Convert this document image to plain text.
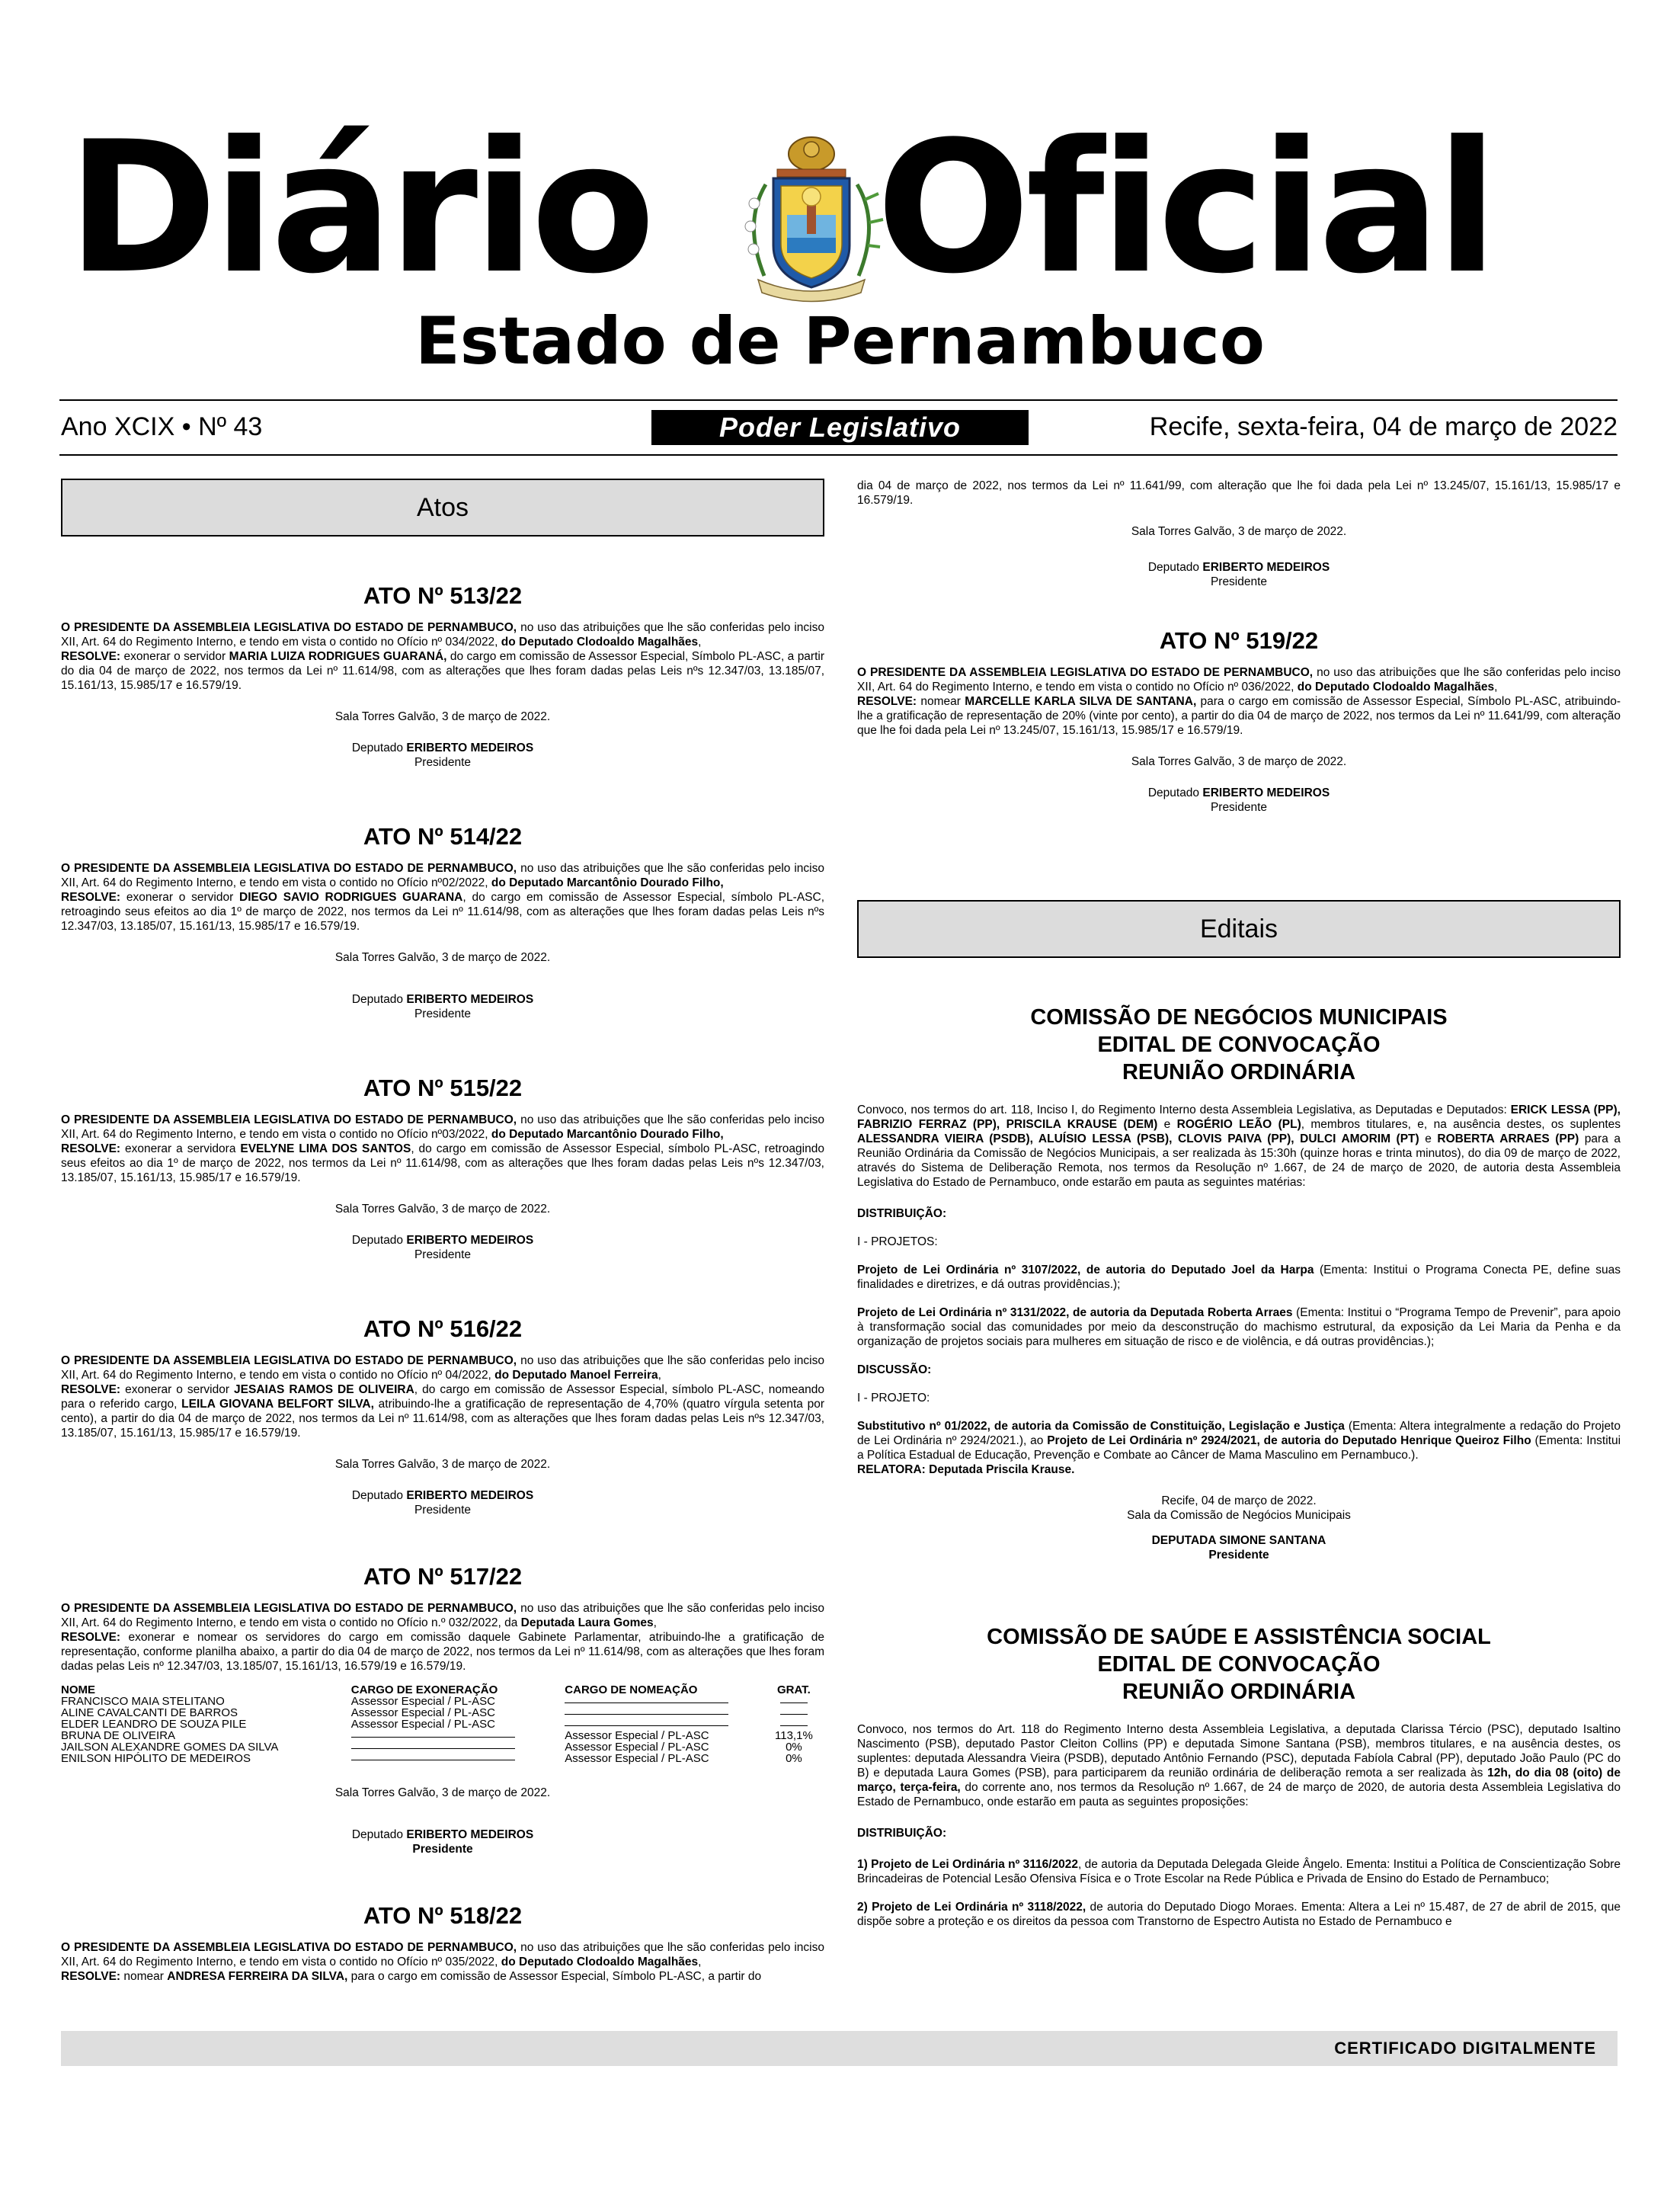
Diário Oficial
Estado de Pernambuco
Ano XCIX • Nº 43	Poder Legislativo	Recife, sexta-feira, 04 de março de 2022
Atos
ATO Nº 513/22

O PRESIDENTE DA ASSEMBLEIA LEGISLATIVA DO ESTADO DE PERNAMBUCO, no uso das atribuições que lhe são conferidas pelo inciso XII, Art. 64 do Regimento Interno, e tendo em vista o contido no Ofício nº 034/2022, do Deputado Clodoaldo Magalhães,
RESOLVE: exonerar o servidor MARIA LUIZA RODRIGUES GUARANÁ, do cargo em comissão de Assessor Especial, Símbolo PL-ASC, a partir do dia 04 de março de 2022, nos termos da Lei nº 11.614/98, com as alterações que lhes foram dadas pelas Leis nºs 12.347/03, 13.185/07, 15.161/13, 15.985/17 e 16.579/19.

Sala Torres Galvão, 3 de março de 2022.

Deputado ERIBERTO MEDEIROS
Presidente

ATO Nº 514/22

O PRESIDENTE DA ASSEMBLEIA LEGISLATIVA DO ESTADO DE PERNAMBUCO, no uso das atribuições que lhe são conferidas pelo inciso XII, Art. 64 do Regimento Interno, e tendo em vista o contido no Ofício nº02/2022, do Deputado Marcantônio Dourado Filho,
RESOLVE: exonerar o servidor DIEGO SAVIO RODRIGUES GUARANA, do cargo em comissão de Assessor Especial, símbolo PL-ASC, retroagindo seus efeitos ao dia 1º de março de 2022, nos termos da Lei nº 11.614/98, com as alterações que lhes foram dadas pelas Leis nºs 12.347/03, 13.185/07, 15.161/13, 15.985/17 e 16.579/19.

Sala Torres Galvão, 3 de março de 2022.

Deputado ERIBERTO MEDEIROS
Presidente

ATO Nº 515/22

O PRESIDENTE DA ASSEMBLEIA LEGISLATIVA DO ESTADO DE PERNAMBUCO, no uso das atribuições que lhe são conferidas pelo inciso XII, Art. 64 do Regimento Interno, e tendo em vista o contido no Ofício nº03/2022, do Deputado Marcantônio Dourado Filho,
RESOLVE: exonerar a servidora EVELYNE LIMA DOS SANTOS, do cargo em comissão de Assessor Especial, símbolo PL-ASC, retroagindo seus efeitos ao dia 1º de março de 2022, nos termos da Lei nº 11.614/98, com as alterações que lhes foram dadas pelas Leis nºs 12.347/03, 13.185/07, 15.161/13, 15.985/17 e 16.579/19.

Sala Torres Galvão, 3 de março de 2022.

Deputado ERIBERTO MEDEIROS
Presidente

ATO Nº 516/22

O PRESIDENTE DA ASSEMBLEIA LEGISLATIVA DO ESTADO DE PERNAMBUCO, no uso das atribuições que lhe são conferidas pelo inciso XII, Art. 64 do Regimento Interno, e tendo em vista o contido no Ofício nº 04/2022, do Deputado Manoel Ferreira,
RESOLVE: exonerar o servidor JESAIAS RAMOS DE OLIVEIRA, do cargo em comissão de Assessor Especial, símbolo PL-ASC, nomeando para o referido cargo, LEILA GIOVANA BELFORT SILVA, atribuindo-lhe a gratificação de representação de 4,70% (quatro vírgula setenta por cento), a partir do dia 04 de março de 2022, nos termos da Lei nº 11.614/98, com as alterações que lhes foram dadas pelas Leis nºs 12.347/03, 13.185/07, 15.161/13, 15.985/17 e 16.579/19.

Sala Torres Galvão, 3 de março de 2022.

Deputado ERIBERTO MEDEIROS
Presidente

ATO Nº 517/22

O PRESIDENTE DA ASSEMBLEIA LEGISLATIVA DO ESTADO DE PERNAMBUCO, no uso das atribuições que lhe são conferidas pelo inciso XII, Art. 64 do Regimento Interno, e tendo em vista o contido no Ofício n.º 032/2022, da Deputada Laura Gomes,
RESOLVE: exonerar e nomear os servidores do cargo em comissão daquele Gabinete Parlamentar, atribuindo-lhe a gratificação de representação, conforme planilha abaixo, a partir do dia 04 de março de 2022, nos termos da Lei nº 11.614/98, com as alterações que lhes foram dadas pelas Leis nº 12.347/03, 13.185/07, 15.161/13, 16.579/19 e 16.579/19.

NOME	CARGO DE EXONERAÇÃO	CARGO DE NOMEAÇÃO	GRAT.
FRANCISCO MAIA STELITANO	Assessor Especial / PL-ASC		
ALINE CAVALCANTI DE BARROS	Assessor Especial / PL-ASC		
ELDER LEANDRO DE SOUZA PILE	Assessor Especial / PL-ASC		
BRUNA DE OLIVEIRA		Assessor Especial / PL-ASC	113,1%
JAILSON ALEXANDRE GOMES DA SILVA		Assessor Especial / PL-ASC	0%
ENILSON HIPÓLITO DE MEDEIROS		Assessor Especial / PL-ASC	0%

Sala Torres Galvão, 3 de março de 2022.

Deputado ERIBERTO MEDEIROS
Presidente

ATO Nº 518/22

O PRESIDENTE DA ASSEMBLEIA LEGISLATIVA DO ESTADO DE PERNAMBUCO, no uso das atribuições que lhe são conferidas pelo inciso XII, Art. 64 do Regimento Interno, e tendo em vista o contido no Ofício nº 035/2022, do Deputado Clodoaldo Magalhães,
RESOLVE: nomear ANDRESA FERREIRA DA SILVA, para o cargo em comissão de Assessor Especial, Símbolo PL-ASC, a partir do

dia 04 de março de 2022, nos termos da Lei nº 11.641/99, com alteração que lhe foi dada pela Lei nº 13.245/07, 15.161/13, 15.985/17 e 16.579/19.

Sala Torres Galvão, 3 de março de 2022.

Deputado ERIBERTO MEDEIROS
Presidente

ATO Nº 519/22

O PRESIDENTE DA ASSEMBLEIA LEGISLATIVA DO ESTADO DE PERNAMBUCO, no uso das atribuições que lhe são conferidas pelo inciso XII, Art. 64 do Regimento Interno, e tendo em vista o contido no Ofício nº 036/2022, do Deputado Clodoaldo Magalhães,
RESOLVE: nomear MARCELLE KARLA SILVA DE SANTANA, para o cargo em comissão de Assessor Especial, Símbolo PL-ASC, atribuindo-lhe a gratificação de representação de 20% (vinte por cento), a partir do dia 04 de março de 2022, nos termos da Lei nº 11.641/99, com alteração que lhe foi dada pela Lei nº 13.245/07, 15.161/13, 15.985/17 e 16.579/19.

Sala Torres Galvão, 3 de março de 2022.

Deputado ERIBERTO MEDEIROS
Presidente

Editais
COMISSÃO DE NEGÓCIOS MUNICIPAIS
EDITAL DE CONVOCAÇÃO
REUNIÃO ORDINÁRIA

Convoco, nos termos do art. 118, Inciso I, do Regimento Interno desta Assembleia Legislativa, as Deputadas e Deputados: ERICK LESSA (PP), FABRIZIO FERRAZ (PP), PRISCILA KRAUSE (DEM) e ROGÉRIO LEÃO (PL), membros titulares, e, na ausência destes, os suplentes ALESSANDRA VIEIRA (PSDB), ALUÍSIO LESSA (PSB), CLOVIS PAIVA (PP), DULCI AMORIM (PT) e ROBERTA ARRAES (PP) para a Reunião Ordinária da Comissão de Negócios Municipais, a ser realizada às 15:30h (quinze horas e trinta minutos), do dia 09 de março de 2022, através do Sistema de Deliberação Remota, nos termos da Resolução nº 1.667, de 24 de março de 2020, de autoria desta Assembleia Legislativa do Estado de Pernambuco, onde estarão em pauta as seguintes matérias:

DISTRIBUIÇÃO:

I - PROJETOS:

Projeto de Lei Ordinária nº 3107/2022, de autoria do Deputado Joel da Harpa (Ementa: Institui o Programa Conecta PE, define suas finalidades e diretrizes, e dá outras providências.);

Projeto de Lei Ordinária nº 3131/2022, de autoria da Deputada Roberta Arraes (Ementa: Institui o “Programa Tempo de Prevenir”, para apoio à transformação social das comunidades por meio da desconstrução do machismo estrutural, da exposição da Lei Maria da Penha e da organização de projetos sociais para mulheres em situação de risco e de violência, e dá outras providências.);

DISCUSSÃO:

I - PROJETO:

Substitutivo nº 01/2022, de autoria da Comissão de Constituição, Legislação e Justiça (Ementa: Altera integralmente a redação do Projeto de Lei Ordinária nº 2924/2021.), ao Projeto de Lei Ordinária nº 2924/2021, de autoria do Deputado Henrique Queiroz Filho (Ementa: Institui a Política Estadual de Educação, Prevenção e Combate ao Câncer de Mama Masculino em Pernambuco.).
RELATORA: Deputada Priscila Krause.

Recife, 04 de março de 2022.
Sala da Comissão de Negócios Municipais

DEPUTADA SIMONE SANTANA
Presidente

COMISSÃO DE SAÚDE E ASSISTÊNCIA SOCIAL
EDITAL DE CONVOCAÇÃO
REUNIÃO ORDINÁRIA

Convoco, nos termos do Art. 118 do Regimento Interno desta Assembleia Legislativa, a deputada Clarissa Tércio (PSC), deputado Isaltino Nascimento (PSB), deputado Pastor Cleiton Collins (PP) e deputada Simone Santana (PSB), membros titulares, e na ausência destes, os suplentes: deputada Alessandra Vieira (PSDB), deputado Antônio Fernando (PSC), deputada Fabíola Cabral (PP), deputado João Paulo (PC do B) e deputada Laura Gomes (PSB), para participarem da reunião ordinária de deliberação remota a ser realizada às 12h, do dia 08 (oito) de março, terça-feira, do corrente ano, nos termos da Resolução nº 1.667, de 24 de março de 2020, de autoria desta Assembleia Legislativa do Estado de Pernambuco, onde estarão em pauta as seguintes proposições:

DISTRIBUIÇÃO:

1) Projeto de Lei Ordinária nº 3116/2022, de autoria da Deputada Delegada Gleide Ângelo. Ementa: Institui a Política de Conscientização Sobre Brincadeiras de Potencial Lesão Ofensiva Física e o Trote Escolar na Rede Pública e Privada de Ensino do Estado de Pernambuco;

2) Projeto de Lei Ordinária nº 3118/2022, de autoria do Deputado Diogo Moraes. Ementa: Altera a Lei nº 15.487, de 27 de abril de 2015, que dispõe sobre a proteção e os direitos da pessoa com Transtorno de Espectro Autista no Estado de Pernambuco e

CERTIFICADO DIGITALMENTE
